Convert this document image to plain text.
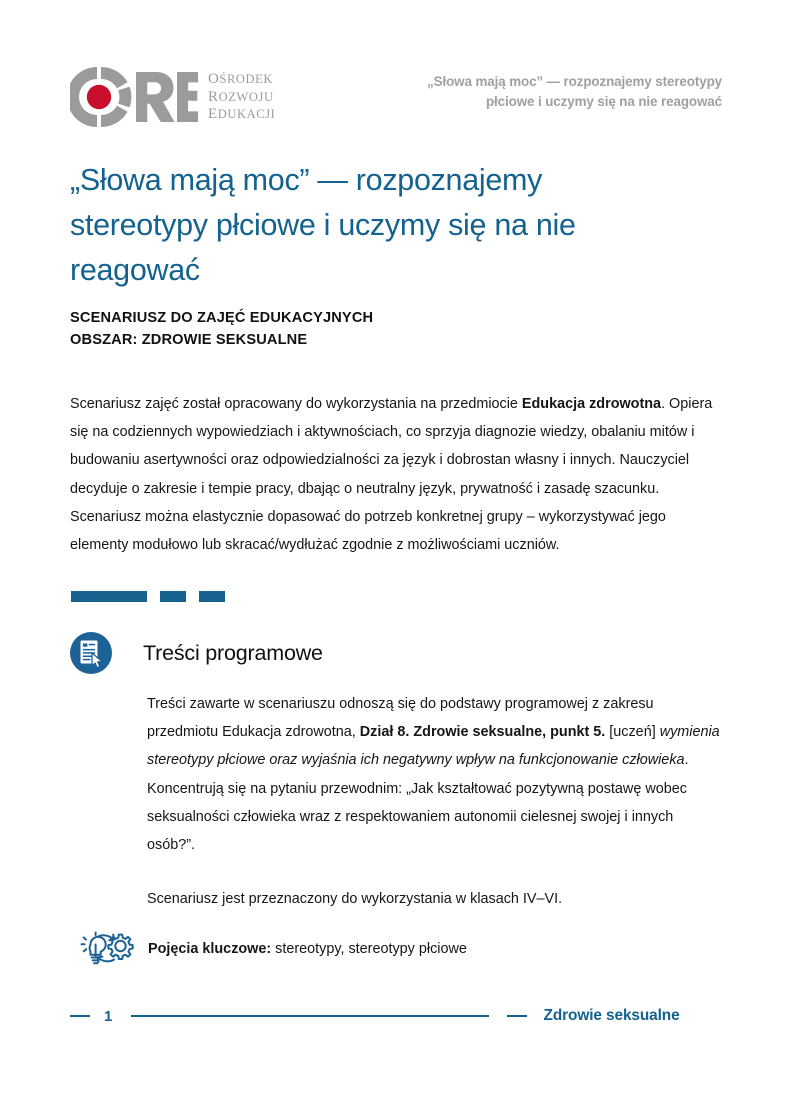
OŚRODEK
ROZWOJU
EDUKACJI
„Słowa mają moc” — rozpoznajemy stereotypy
płciowe i uczymy się na nie reagować
„Słowa mają moc” — rozpoznajemy stereotypy płciowe i uczymy się na nie reagować
SCENARIUSZ DO ZAJĘĆ EDUKACYJNYCH
OBSZAR: ZDROWIE SEKSUALNE
Scenariusz zajęć został opracowany do wykorzystania na przedmiocie Edukacja zdrowotna. Opiera się na codziennych wypowiedziach i aktywnościach, co sprzyja diagnozie wiedzy, obalaniu mitów i budowaniu asertywności oraz odpowiedzialności za język i dobrostan własny i innych. Nauczyciel decyduje o zakresie i tempie pracy, dbając o neutralny język, prywatność i zasadę szacunku. Scenariusz można elastycznie dopasować do potrzeb konkretnej grupy – wykorzystywać jego elementy modułowo lub skracać/wydłużać zgodnie z możliwościami uczniów.
Treści programowe

Treści zawarte w scenariuszu odnoszą się do podstawy programowej z zakresu przedmiotu Edukacja zdrowotna, Dział 8. Zdrowie seksualne, punkt 5. [uczeń] wymienia stereotypy płciowe oraz wyjaśnia ich negatywny wpływ na funkcjonowanie człowieka. Koncentrują się na pytaniu przewodnim: „Jak kształtować pozytywną postawę wobec seksualności człowieka wraz z respektowaniem autonomii cielesnej swojej i innych osób?”.

Scenariusz jest przeznaczony do wykorzystania w klasach IV–VI.

Pojęcia kluczowe: stereotypy, stereotypy płciowe
1	Zdrowie seksualne
